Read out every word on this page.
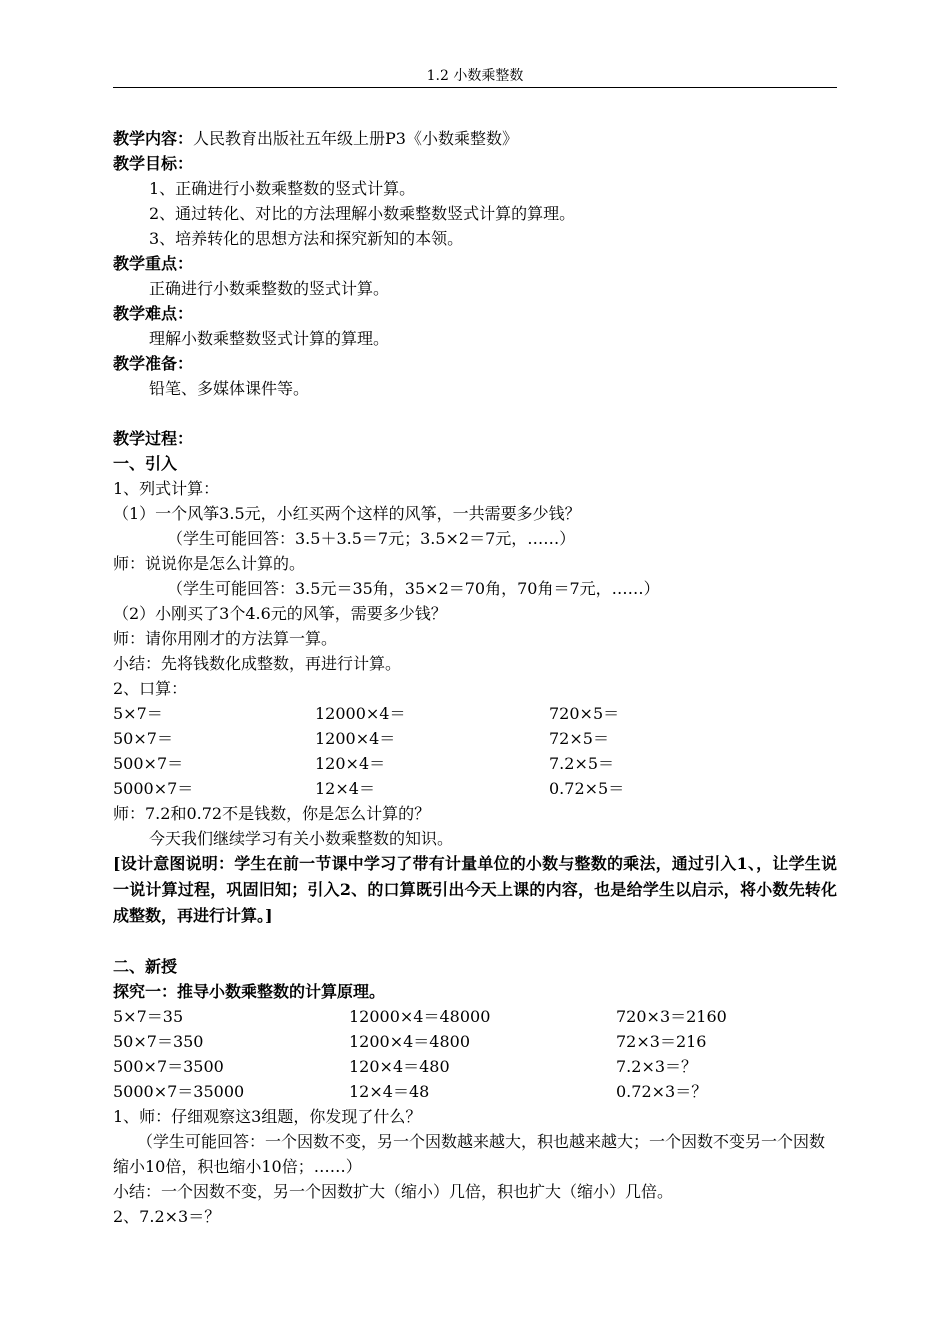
1.2 小数乘整数
教学内容：人民教育出版社五年级上册P3《小数乘整数》
教学目标：
1、正确进行小数乘整数的竖式计算。
2、通过转化、对比的方法理解小数乘整数竖式计算的算理。
3、培养转化的思想方法和探究新知的本领。
教学重点：
正确进行小数乘整数的竖式计算。
教学难点：
理解小数乘整数竖式计算的算理。
教学准备：
铅笔、多媒体课件等。
教学过程：
一、引入
1、列式计算：
（1）一个风筝3.5元，小红买两个这样的风筝，一共需要多少钱？
（学生可能回答：3.5＋3.5＝7元；3.5×2＝7元，……）
师：说说你是怎么计算的。
（学生可能回答：3.5元＝35角，35×2＝70角，70角＝7元，……）
（2）小刚买了3个4.6元的风筝，需要多少钱？
师：请你用刚才的方法算一算。
小结：先将钱数化成整数，再进行计算。
2、口算：
5×7＝	12000×4＝	720×5＝
50×7＝	1200×4＝	72×5＝
500×7＝	120×4＝	7.2×5＝
5000×7＝	12×4＝	0.72×5＝
师：7.2和0.72不是钱数，你是怎么计算的？
今天我们继续学习有关小数乘整数的知识。
[设计意图说明：学生在前一节课中学习了带有计量单位的小数与整数的乘法，通过引入1、，让学生说一说计算过程，巩固旧知；引入2、的口算既引出今天上课的内容，也是给学生以启示，将小数先转化成整数，再进行计算。]
二、新授
探究一：推导小数乘整数的计算原理。
5×7＝35	12000×4＝48000	720×3＝2160
50×7＝350	1200×4＝4800	72×3＝216
500×7＝3500	120×4＝480	7.2×3＝？
5000×7＝35000	12×4＝48	0.72×3＝？
1、师：仔细观察这3组题，你发现了什么？
（学生可能回答：一个因数不变，另一个因数越来越大，积也越来越大；一个因数不变另一个因数缩小10倍，积也缩小10倍；……）
小结：一个因数不变，另一个因数扩大（缩小）几倍，积也扩大（缩小）几倍。
2、7.2×3＝？
